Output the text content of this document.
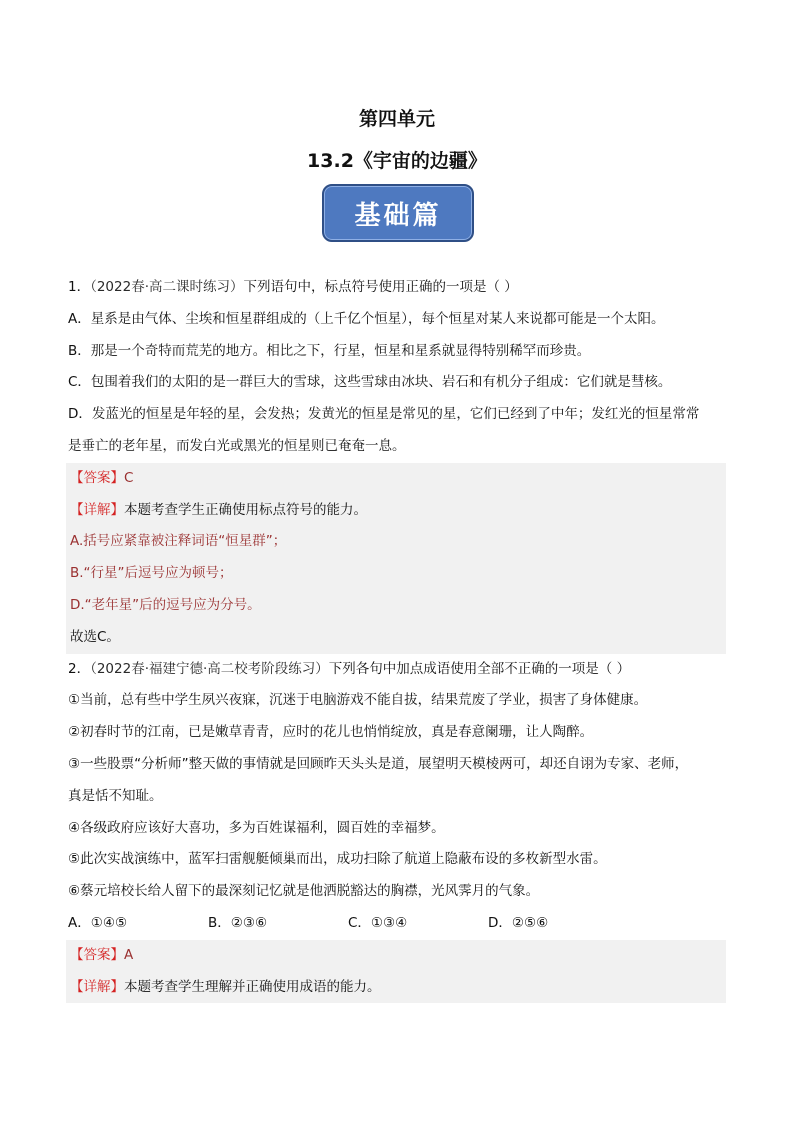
第四单元
13.2《宇宙的边疆》
基础篇
1．（2022春·高二课时练习）下列语句中，标点符号使用正确的一项是（ ）
A．星系是由气体、尘埃和恒星群组成的（上千亿个恒星），每个恒星对某人来说都可能是一个太阳。
B．那是一个奇特而荒芜的地方。相比之下，行星，恒星和星系就显得特别稀罕而珍贵。
C．包围着我们的太阳的是一群巨大的雪球，这些雪球由冰块、岩石和有机分子组成：它们就是彗核。
D．发蓝光的恒星是年轻的星，会发热；发黄光的恒星是常见的星，它们已经到了中年；发红光的恒星常常
是垂亡的老年星，而发白光或黑光的恒星则已奄奄一息。
【答案】C
【详解】本题考查学生正确使用标点符号的能力。
A.括号应紧靠被注释词语“恒星群”；
B.“行星”后逗号应为顿号；
D.“老年星”后的逗号应为分号。
故选C。
2．（2022春·福建宁德·高二校考阶段练习）下列各句中加点成语使用全部不正确的一项是（ ）
①当前，总有些中学生夙兴夜寐，沉迷于电脑游戏不能自拔，结果荒废了学业，损害了身体健康。
②初春时节的江南，已是嫩草青青，应时的花儿也悄悄绽放，真是春意阑珊，让人陶醉。
③一些股票“分析师”整天做的事情就是回顾昨天头头是道，展望明天模棱两可，却还自诩为专家、老师，
真是恬不知耻。
④各级政府应该好大喜功，多为百姓谋福利，圆百姓的幸福梦。
⑤此次实战演练中，蓝军扫雷舰艇倾巢而出，成功扫除了航道上隐蔽布设的多枚新型水雷。
⑥蔡元培校长给人留下的最深刻记忆就是他洒脱豁达的胸襟，光风霁月的气象。
A．①④⑤	B．②③⑥	C．①③④	D．②⑤⑥
【答案】A
【详解】本题考查学生理解并正确使用成语的能力。
